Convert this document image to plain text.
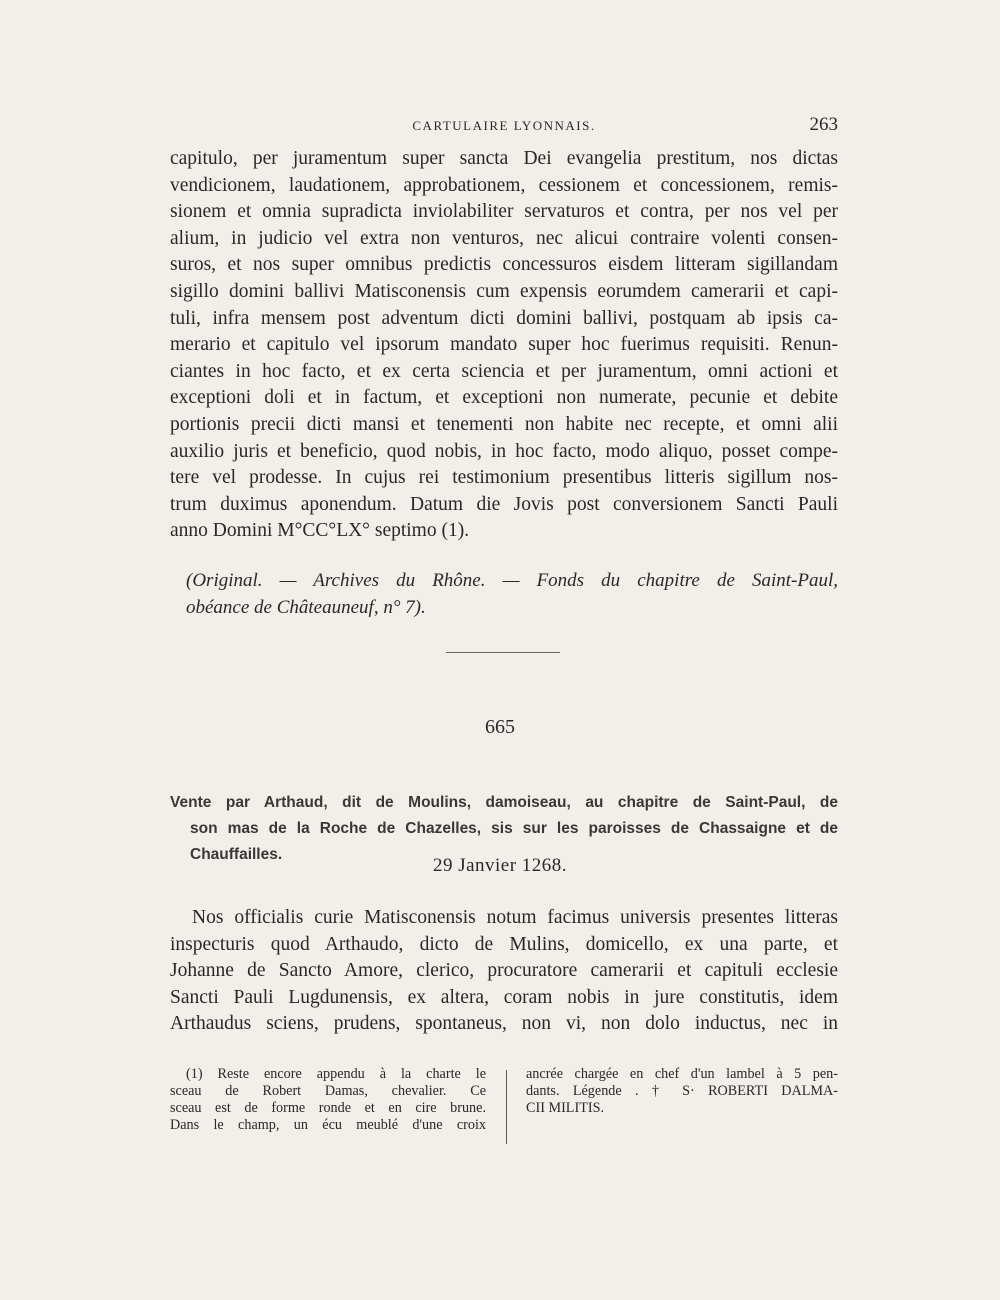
CARTULAIRE LYONNAIS.	263
capitulo, per juramentum super sancta Dei evangelia prestitum, nos dictas
vendicionem, laudationem, approbationem, cessionem et concessionem, remis-
sionem et omnia supradicta inviolabiliter servaturos et contra, per nos vel per
alium, in judicio vel extra non venturos, nec alicui contraire volenti consen-
suros, et nos super omnibus predictis concessuros eisdem litteram sigillandam
sigillo domini ballivi Matisconensis cum expensis eorumdem camerarii et capi-
tuli, infra mensem post adventum dicti domini ballivi, postquam ab ipsis ca-
merario et capitulo vel ipsorum mandato super hoc fuerimus requisiti. Renun-
ciantes in hoc facto, et ex certa sciencia et per juramentum, omni actioni et
exceptioni doli et in factum, et exceptioni non numerate, pecunie et debite
portionis precii dicti mansi et tenementi non habite nec recepte, et omni alii
auxilio juris et beneficio, quod nobis, in hoc facto, modo aliquo, posset compe-
tere vel prodesse. In cujus rei testimonium presentibus litteris sigillum nos-
trum duximus aponendum. Datum die Jovis post conversionem Sancti Pauli
anno Domini M°CC°LX° septimo (1).
(Original. — Archives du Rhône. — Fonds du chapitre de Saint-Paul,
obéance de Châteauneuf, n° 7).
665
Vente par Arthaud, dit de Moulins, damoiseau, au chapitre de Saint-Paul, de
son mas de la Roche de Chazelles, sis sur les paroisses de Chassaigne et de
Chauffailles.
29 Janvier 1268.
Nos officialis curie Matisconensis notum facimus universis presentes litteras
inspecturis quod Arthaudo, dicto de Mulins, domicello, ex una parte, et
Johanne de Sancto Amore, clerico, procuratore camerarii et capituli ecclesie
Sancti Pauli Lugdunensis, ex altera, coram nobis in jure constitutis, idem
Arthaudus sciens, prudens, spontaneus, non vi, non dolo inductus, nec in
(1) Reste encore appendu à la charte le
sceau de Robert Damas, chevalier. Ce
sceau est de forme ronde et en cire brune.
Dans le champ, un écu meublé d'une croix
ancrée chargée en chef d'un lambel à 5 pen-
dants. Légende . † S· ROBERTI DALMA-
CII MILITIS.
